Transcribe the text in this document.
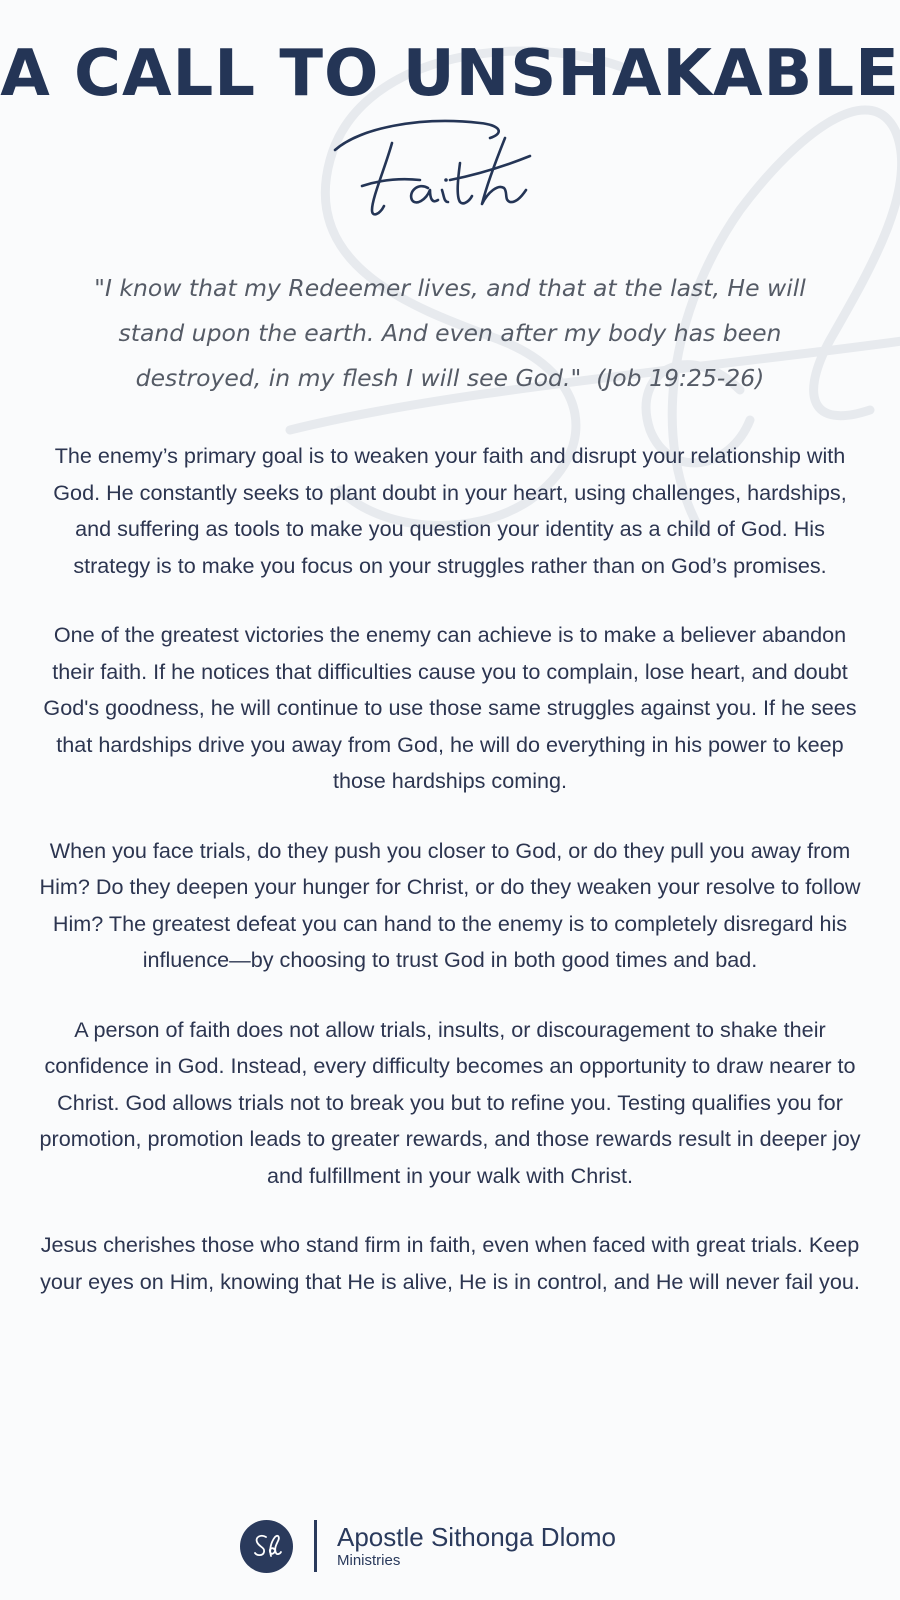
A CALL TO UNSHAKABLE

"I know that my Redeemer lives, and that at the last, He will stand upon the earth. And even after my body has been destroyed, in my flesh I will see God." (Job 19:25-26)

The enemy’s primary goal is to weaken your faith and disrupt your relationship with God. He constantly seeks to plant doubt in your heart, using challenges, hardships, and suffering as tools to make you question your identity as a child of God. His strategy is to make you focus on your struggles rather than on God’s promises.

One of the greatest victories the enemy can achieve is to make a believer abandon their faith. If he notices that difficulties cause you to complain, lose heart, and doubt God's goodness, he will continue to use those same struggles against you. If he sees that hardships drive you away from God, he will do everything in his power to keep those hardships coming.

When you face trials, do they push you closer to God, or do they pull you away from Him? Do they deepen your hunger for Christ, or do they weaken your resolve to follow Him? The greatest defeat you can hand to the enemy is to completely disregard his influence—by choosing to trust God in both good times and bad.

A person of faith does not allow trials, insults, or discouragement to shake their confidence in God. Instead, every difficulty becomes an opportunity to draw nearer to Christ. God allows trials not to break you but to refine you. Testing qualifies you for promotion, promotion leads to greater rewards, and those rewards result in deeper joy and fulfillment in your walk with Christ.

Jesus cherishes those who stand firm in faith, even when faced with great trials. Keep your eyes on Him, knowing that He is alive, He is in control, and He will never fail you.

Apostle Sithonga Dlomo
Ministries
